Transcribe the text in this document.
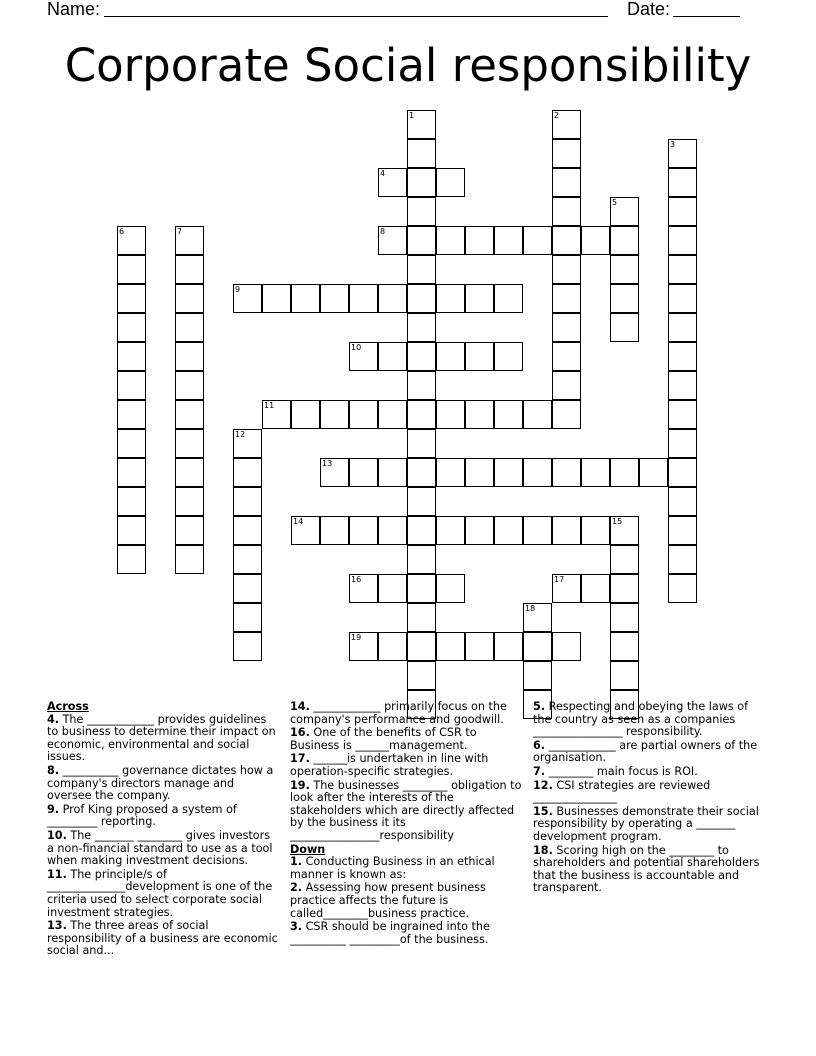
Name:	Date:
Corporate Social responsibility
1	2
3
4
5
6	7	8
9
10
11
12
13
14	15
16	17
18
19
Across
4. The ____________ provides guidelines to business to determine their impact on economic, environmental and social issues.
8. __________ governance dictates how a company's directors manage and oversee the company.
9. Prof King proposed a system of _________ reporting.
10. The _______ ________ gives investors a non-financial standard to use as a tool when making investment decisions.
11. The principle/s of ______________development is one of the criteria used to select corporate social investment strategies.
13. The three areas of social responsibility of a business are economic social and...
14. ____________ primarily focus on the company's performance and goodwill.
16. One of the benefits of CSR to Business is ______management.
17. ______is undertaken in line with operation-specific strategies.
19. The businesses ________ obligation to look after the interests of the stakeholders which are directly affected by the business it its ________________responsibility
Down
1. Conducting Business in an ethical manner is known as:
2. Assessing how present business practice affects the future is called________business practice.
3. CSR should be ingrained into the __________ _________of the business.
5. Respecting and obeying the laws of the country as seen as a companies ________________ responsibility.
6. ____________ are partial owners of the organisation.
7. ________ main focus is ROI.
12. CSI strategies are reviewed _______________
15. Businesses demonstrate their social responsibility by operating a _______ development program.
18. Scoring high on the ________ to shareholders and potential shareholders that the business is accountable and transparent.
